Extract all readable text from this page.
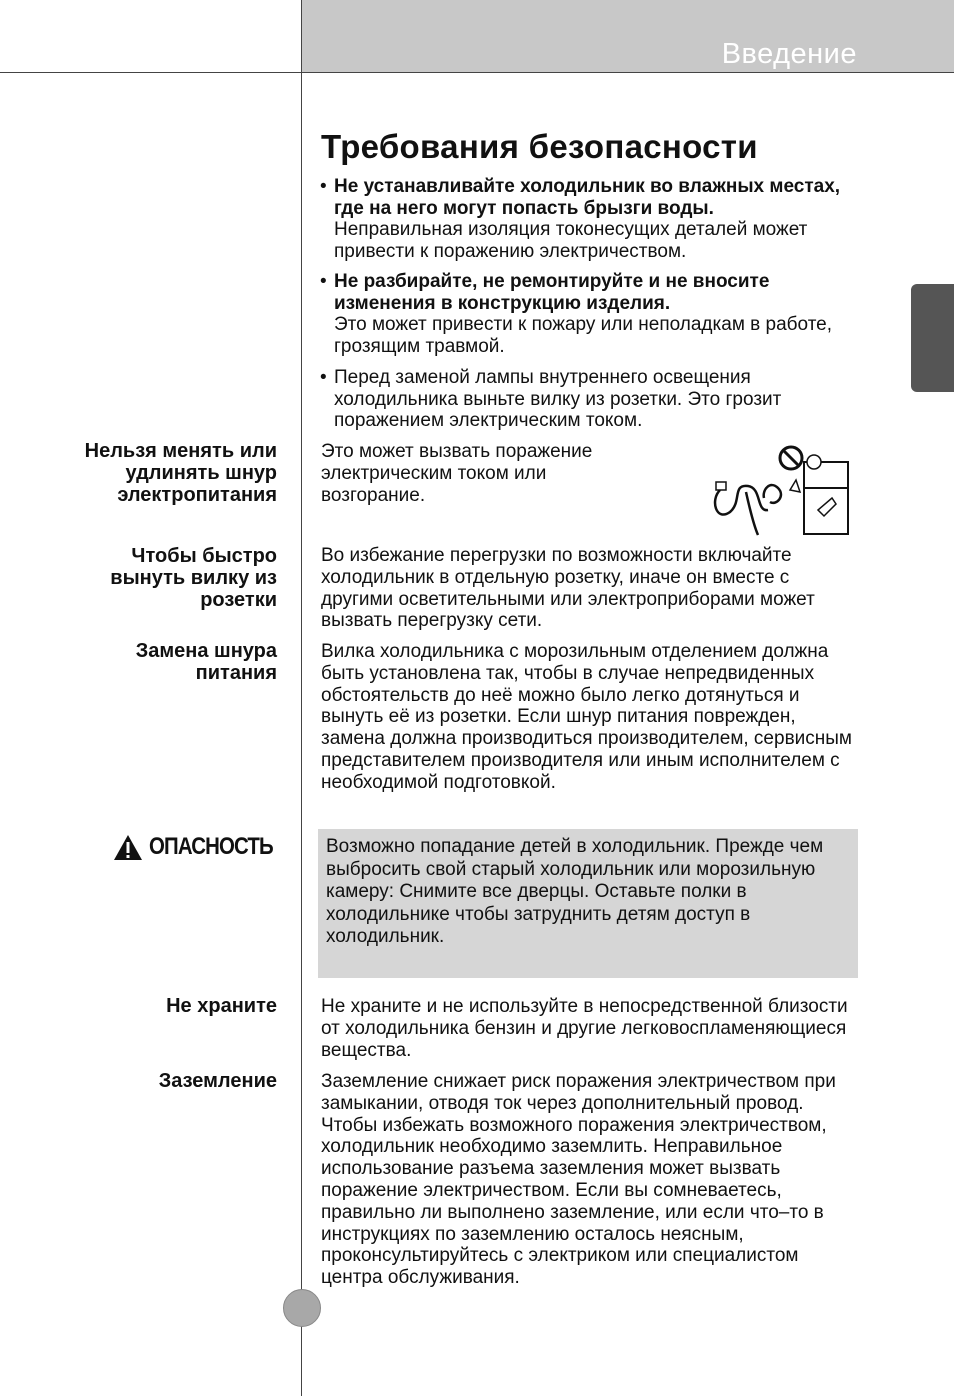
Введение
Требования безопасности
• Не устанавливайте холодильник во влажных местах, где на него могут попасть брызги воды.
Неправильная изоляция токонесущих деталей может привести к поражению электричеством.
• Не разбирайте, не ремонтируйте и не вносите изменения в конструкцию изделия.
Это может привести к пожару или неполадкам в работе, грозящим травмой.
• Перед заменой лампы внутреннего освещения холодильника выньте вилку из розетки. Это грозит поражением электрическим током.
Нельзя менять или удлинять шнур электропитания
Это может вызвать поражение электрическим током или возгорание.
Чтобы быстро вынуть вилку из розетки
Во избежание перегрузки по возможности включайте холодильник в отдельную розетку, иначе он вместе с другими осветительными или электроприборами может вызвать перегрузку сети.
Замена шнура питания
Вилка холодильника с морозильным отделением должна быть установлена так, чтобы в случае непредвиденных обстоятельств до неё можно было легко дотянуться и вынуть её из розетки. Если шнур питания поврежден, замена должна производиться производителем, сервисным представителем производителя или иным исполнителем с необходимой подготовкой.
ОПАСНОСТЬ	Возможно попадание детей в холодильник. Прежде чем выбросить свой старый холодильник или морозильную камеру: Снимите все дверцы. Оставьте полки в холодильнике чтобы затруднить детям доступ в холодильник.
Не храните Не храните и не используйте в непосредственной близости от холодильника бензин и другие легковоспламеняющиеся вещества.
Заземление Заземление снижает риск поражения электричеством при замыкании, отводя ток через дополнительный провод. Чтобы избежать возможного поражения электричеством, холодильник необходимо заземлить. Неправильное использование разъема заземления может вызвать поражение электричеством. Если вы сомневаетесь, правильно ли выполнено заземление, или если что–то в инструкциях по заземлению осталось неясным, проконсультируйтесь с электриком или специалистом центра обслуживания.
